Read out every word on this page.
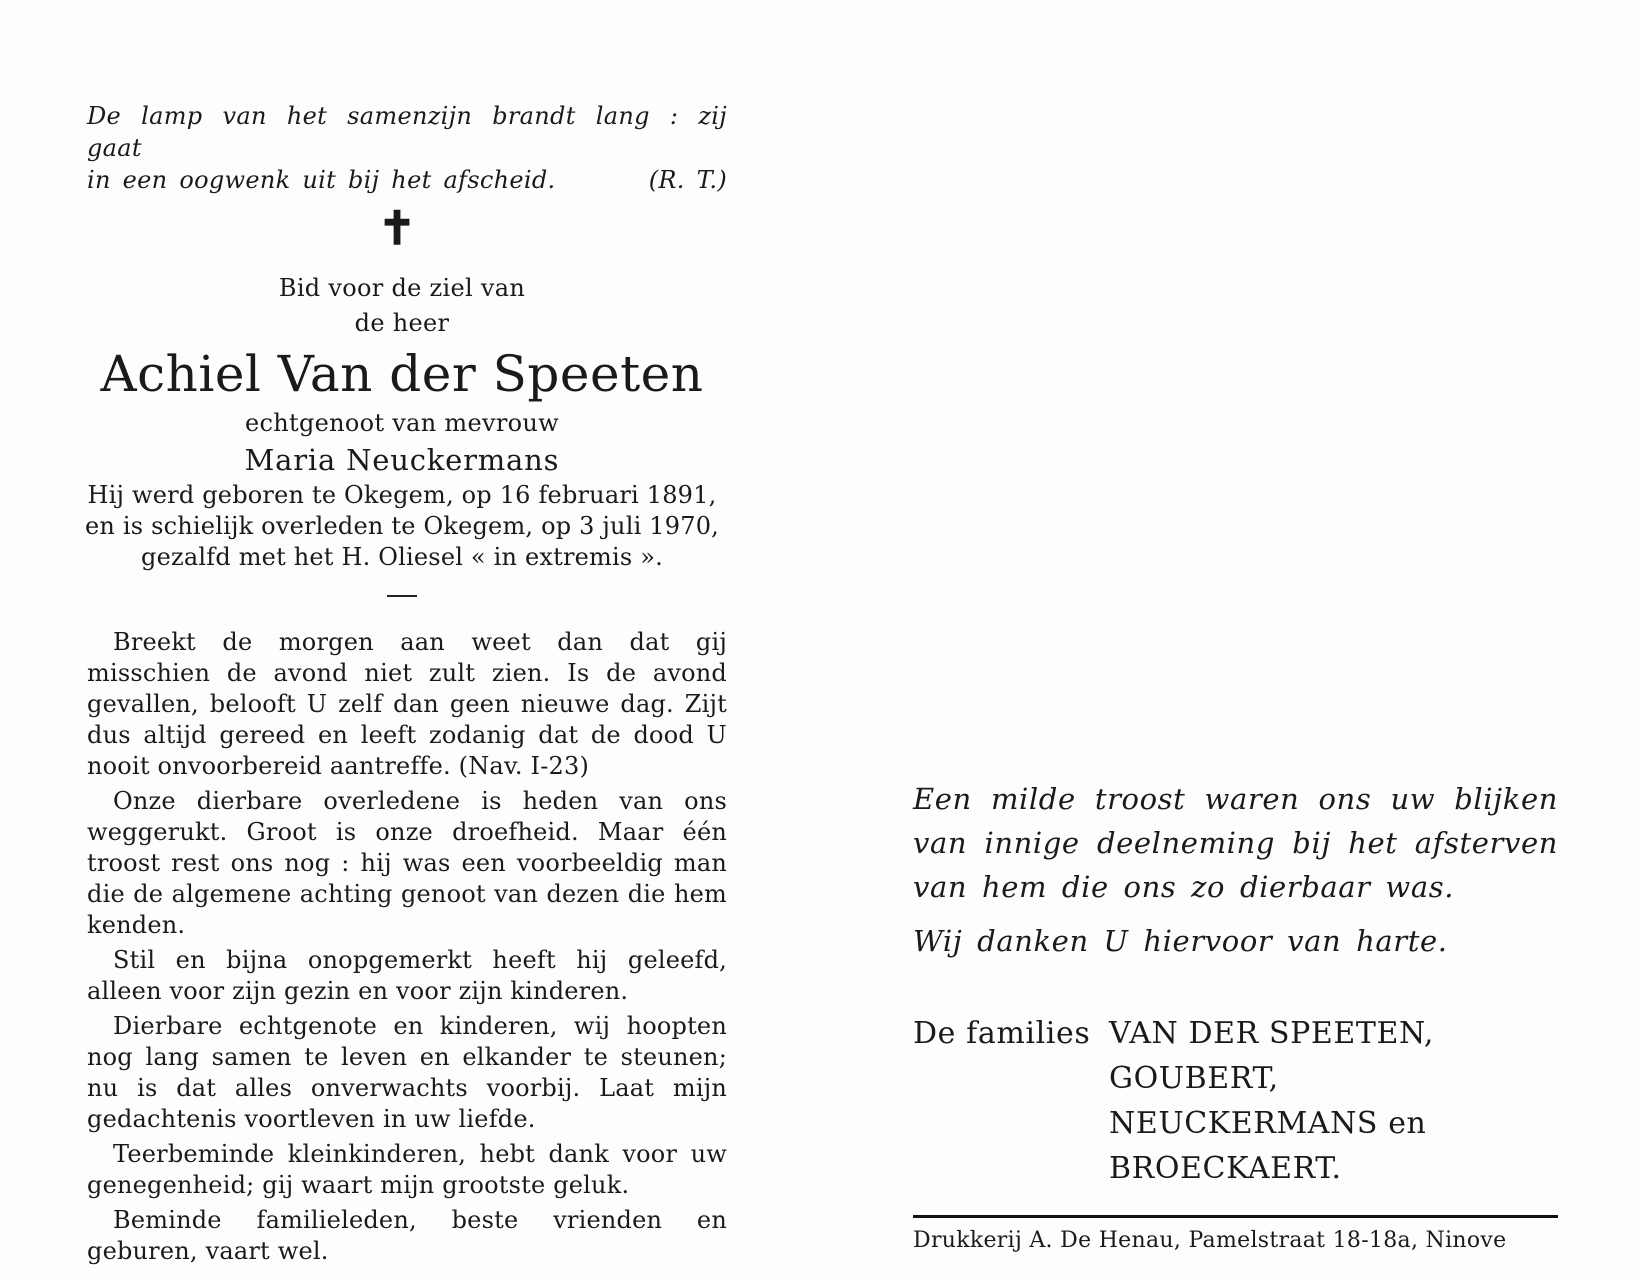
De lamp van het samenzijn brandt lang : zij gaat
in een oogwenk uit bij het afscheid.	(R. T.)
✝
Bid voor de ziel van
de heer
Achiel Van der Speeten
echtgenoot van mevrouw
Maria Neuckermans
Hij werd geboren te Okegem, op 16 februari 1891,
en is schielijk overleden te Okegem, op 3 juli 1970,
gezalfd met het H. Oliesel « in extremis ».

Breekt de morgen aan weet dan dat gij misschien de avond niet zult zien. Is de avond gevallen, belooft U zelf dan geen nieuwe dag. Zijt dus altijd gereed en leeft zodanig dat de dood U nooit onvoorbereid aantreffe. (Nav. I-23)

Onze dierbare overledene is heden van ons weggerukt. Groot is onze droefheid. Maar één troost rest ons nog : hij was een voorbeeldig man die de algemene achting genoot van dezen die hem kenden.

Stil en bijna onopgemerkt heeft hij geleefd, alleen voor zijn gezin en voor zijn kinderen.

Dierbare echtgenote en kinderen, wij hoopten nog lang samen te leven en elkander te steunen; nu is dat alles onverwachts voorbij. Laat mijn gedachtenis voortleven in uw liefde.

Teerbeminde kleinkinderen, hebt dank voor uw genegenheid; gij waart mijn grootste geluk.

Beminde familieleden, beste vrienden en geburen, vaart wel.

Een milde troost waren ons uw blijken van innige deelneming bij het afsterven van hem die ons zo dierbaar was.
Wij danken U hiervoor van harte.
De families VAN DER SPEETEN,
GOUBERT,
NEUCKERMANS en
BROECKAERT.
Drukkerij A. De Henau, Pamelstraat 18-18a, Ninove
